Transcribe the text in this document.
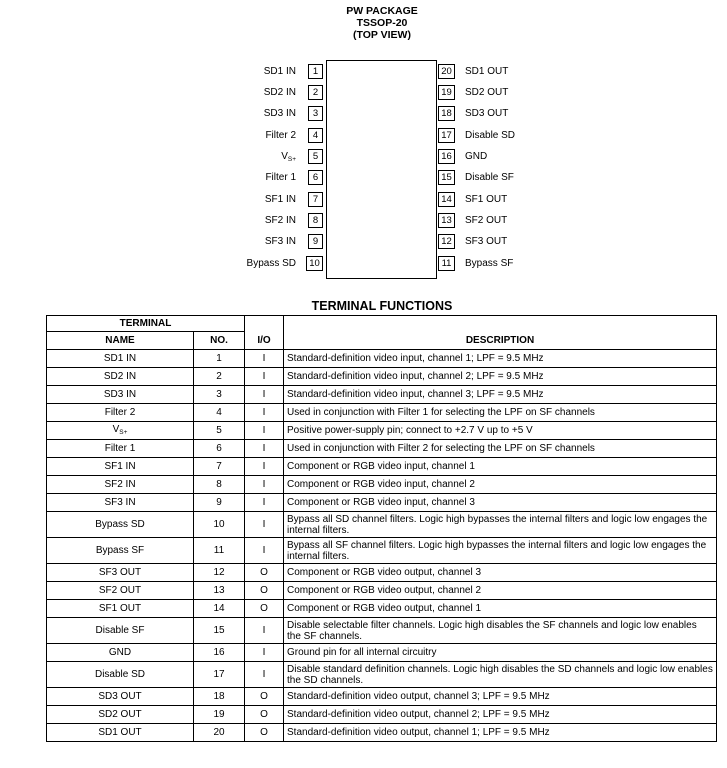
PW PACKAGE
TSSOP-20
(TOP VIEW)
SD1 IN	1
SD2 IN	2
SD3 IN	3
Filter 2	4
$V_{S+}$	5
Filter 1	6
SF1 IN	7
SF2 IN	8
SF3 IN	9
Bypass SD	10
20	SD1 OUT
19	SD2 OUT
18	SD3 OUT
17	Disable SD
16	GND
15	Disable SF
14	SF1 OUT
13	SF2 OUT
12	SF3 OUT
11	Bypass SF
TERMINAL FUNCTIONS
TERMINAL		I/O	DESCRIPTION
NAME	NO.		
SD1 IN	1	I	Standard-definition video input, channel 1; LPF = 9.5 MHz
SD2 IN	2	I	Standard-definition video input, channel 2; LPF = 9.5 MHz
SD3 IN	3	I	Standard-definition video input, channel 3; LPF = 9.5 MHz
Filter 2	4	I	Used in conjunction with Filter 1 for selecting the LPF on SF channels
$V_{S+}$	5	I	Positive power-supply pin; connect to +2.7 V up to +5 V
Filter 1	6	I	Used in conjunction with Filter 2 for selecting the LPF on SF channels
SF1 IN	7	I	Component or RGB video input, channel 1
SF2 IN	8	I	Component or RGB video input, channel 2
SF3 IN	9	I	Component or RGB video input, channel 3
Bypass SD	10	I	Bypass all SD channel filters. Logic high bypasses the internal filters and logic low engages the internal filters.
Bypass SF	11	I	Bypass all SF channel filters. Logic high bypasses the internal filters and logic low engages the internal filters.
SF3 OUT	12	O	Component or RGB video output, channel 3
SF2 OUT	13	O	Component or RGB video output, channel 2
SF1 OUT	14	O	Component or RGB video output, channel 1
Disable SF	15	I	Disable selectable filter channels. Logic high disables the SF channels and logic low enables the SF channels.
GND	16	I	Ground pin for all internal circuitry
Disable SD	17	I	Disable standard definition channels. Logic high disables the SD channels and logic low enables the SD channels.
SD3 OUT	18	O	Standard-definition video output, channel 3; LPF = 9.5 MHz
SD2 OUT	19	O	Standard-definition video output, channel 2; LPF = 9.5 MHz
SD1 OUT	20	O	Standard-definition video output, channel 1; LPF = 9.5 MHz
